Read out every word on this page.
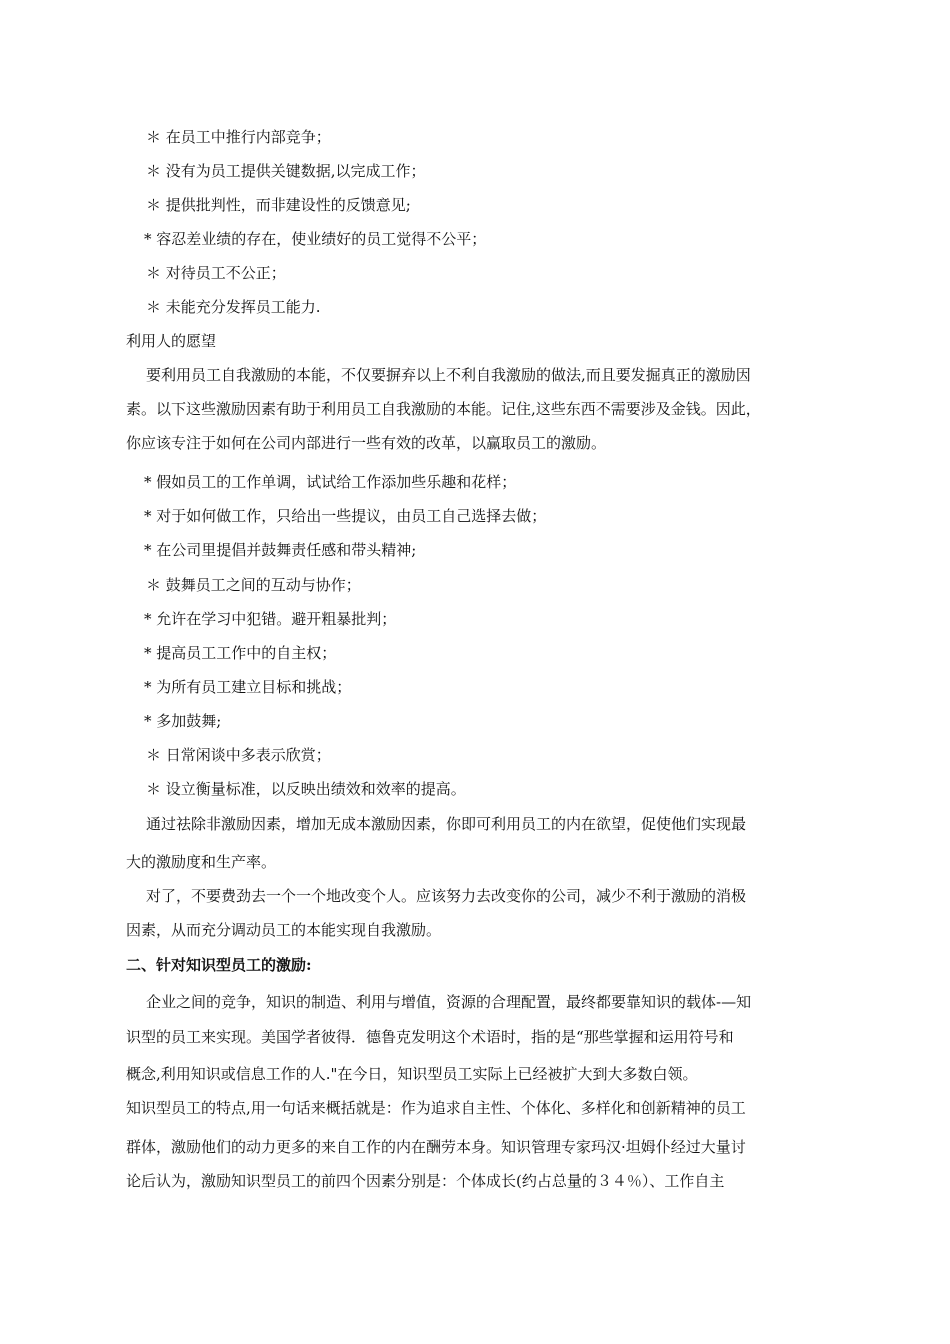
＊ 在员工中推行内部竞争；
＊ 没有为员工提供关键数据,以完成工作；
＊ 提供批判性，而非建设性的反馈意见;
* 容忍差业绩的存在，使业绩好的员工觉得不公平；
＊ 对待员工不公正；
＊ 未能充分发挥员工能力.
利用人的愿望
要利用员工自我激励的本能，不仅要摒弃以上不利自我激励的做法,而且要发掘真正的激励因
素。以下这些激励因素有助于利用员工自我激励的本能。记住,这些东西不需要涉及金钱。因此，
你应该专注于如何在公司内部进行一些有效的改革，以赢取员工的激励。
* 假如员工的工作单调，试试给工作添加些乐趣和花样；
* 对于如何做工作，只给出一些提议，由员工自己选择去做；
* 在公司里提倡并鼓舞责任感和带头精神;
＊ 鼓舞员工之间的互动与协作；
* 允许在学习中犯错。避开粗暴批判；
* 提高员工工作中的自主权；
* 为所有员工建立目标和挑战；
* 多加鼓舞;
＊ 日常闲谈中多表示欣赏；
＊ 设立衡量标准，以反映出绩效和效率的提高。
通过祛除非激励因素，增加无成本激励因素，你即可利用员工的内在欲望，促使他们实现最
大的激励度和生产率。
对了，不要费劲去一个一个地改变个人。应该努力去改变你的公司，减少不利于激励的消极
因素，从而充分调动员工的本能实现自我激励。
二、针对知识型员工的激励:
企业之间的竞争，知识的制造、利用与增值，资源的合理配置，最终都要靠知识的载体-—知
识型的员工来实现。美国学者彼得．德鲁克发明这个术语时，指的是“那些掌握和运用符号和
概念,利用知识或信息工作的人."在今日，知识型员工实际上已经被扩大到大多数白领。
知识型员工的特点,用一句话来概括就是：作为追求自主性、个体化、多样化和创新精神的员工
群体，激励他们的动力更多的来自工作的内在酬劳本身。知识管理专家玛汉·坦姆仆经过大量讨
论后认为，激励知识型员工的前四个因素分别是：个体成长(约占总量的３４％）、工作自主
